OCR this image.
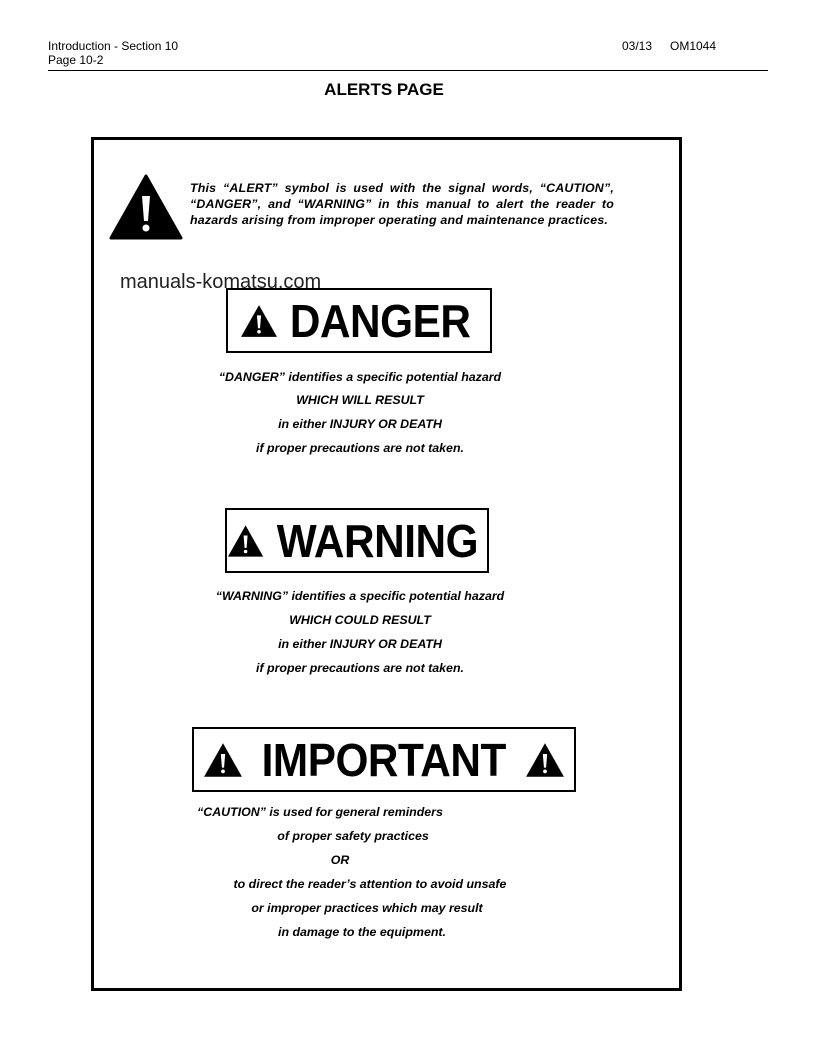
Introduction - Section 10
Page 10-2
03/13 OM1044
ALERTS PAGE
This “ALERT” symbol is used with the signal words, “CAUTION”, “DANGER”, and “WARNING” in this manual to alert the reader to hazards arising from improper operating and maintenance practices.
manuals-komatsu.com
DANGER
“DANGER” identifies a specific potential hazard
WHICH WILL RESULT
in either INJURY OR DEATH
if proper precautions are not taken.
WARNING
“WARNING” identifies a specific potential hazard
WHICH COULD RESULT
in either INJURY OR DEATH
if proper precautions are not taken.
IMPORTANT
“CAUTION” is used for general reminders
of proper safety practices
OR
to direct the reader’s attention to avoid unsafe
or improper practices which may result
in damage to the equipment.
